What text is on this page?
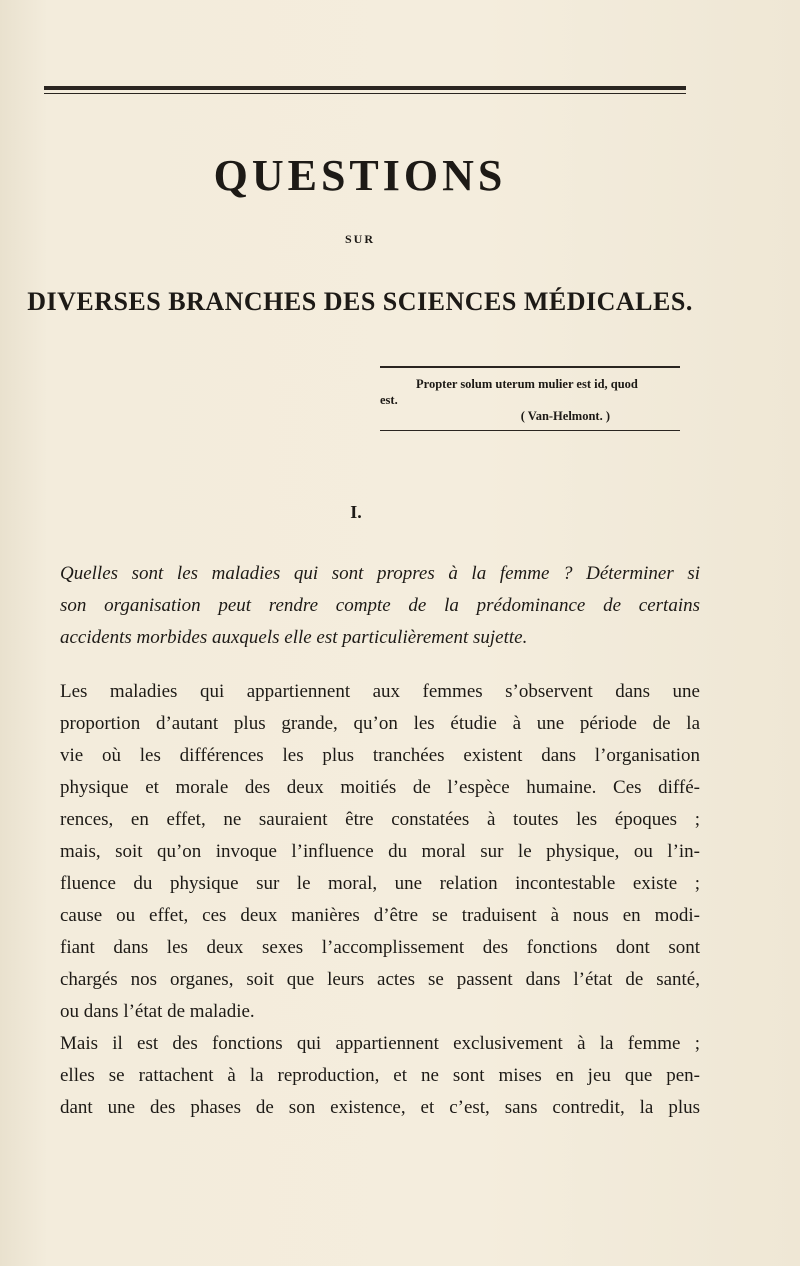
QUESTIONS
SUR
DIVERSES BRANCHES DES SCIENCES MÉDICALES.
Propter solum uterum mulier est id, quod
est.
( Van-Helmont. )
I.
Quelles sont les maladies qui sont propres à la femme ? Déterminer si
son organisation peut rendre compte de la prédominance de certains
accidents morbides auxquels elle est particulièrement sujette.
Les maladies qui appartiennent aux femmes s’observent dans une
proportion d’autant plus grande, qu’on les étudie à une période de la
vie où les différences les plus tranchées existent dans l’organisation
physique et morale des deux moitiés de l’espèce humaine. Ces diffé-
rences, en effet, ne sauraient être constatées à toutes les époques ;
mais, soit qu’on invoque l’influence du moral sur le physique, ou l’in-
fluence du physique sur le moral, une relation incontestable existe ;
cause ou effet, ces deux manières d’être se traduisent à nous en modi-
fiant dans les deux sexes l’accomplissement des fonctions dont sont
chargés nos organes, soit que leurs actes se passent dans l’état de santé,
ou dans l’état de maladie.
Mais il est des fonctions qui appartiennent exclusivement à la femme ;
elles se rattachent à la reproduction, et ne sont mises en jeu que pen-
dant une des phases de son existence, et c’est, sans contredit, la plus
